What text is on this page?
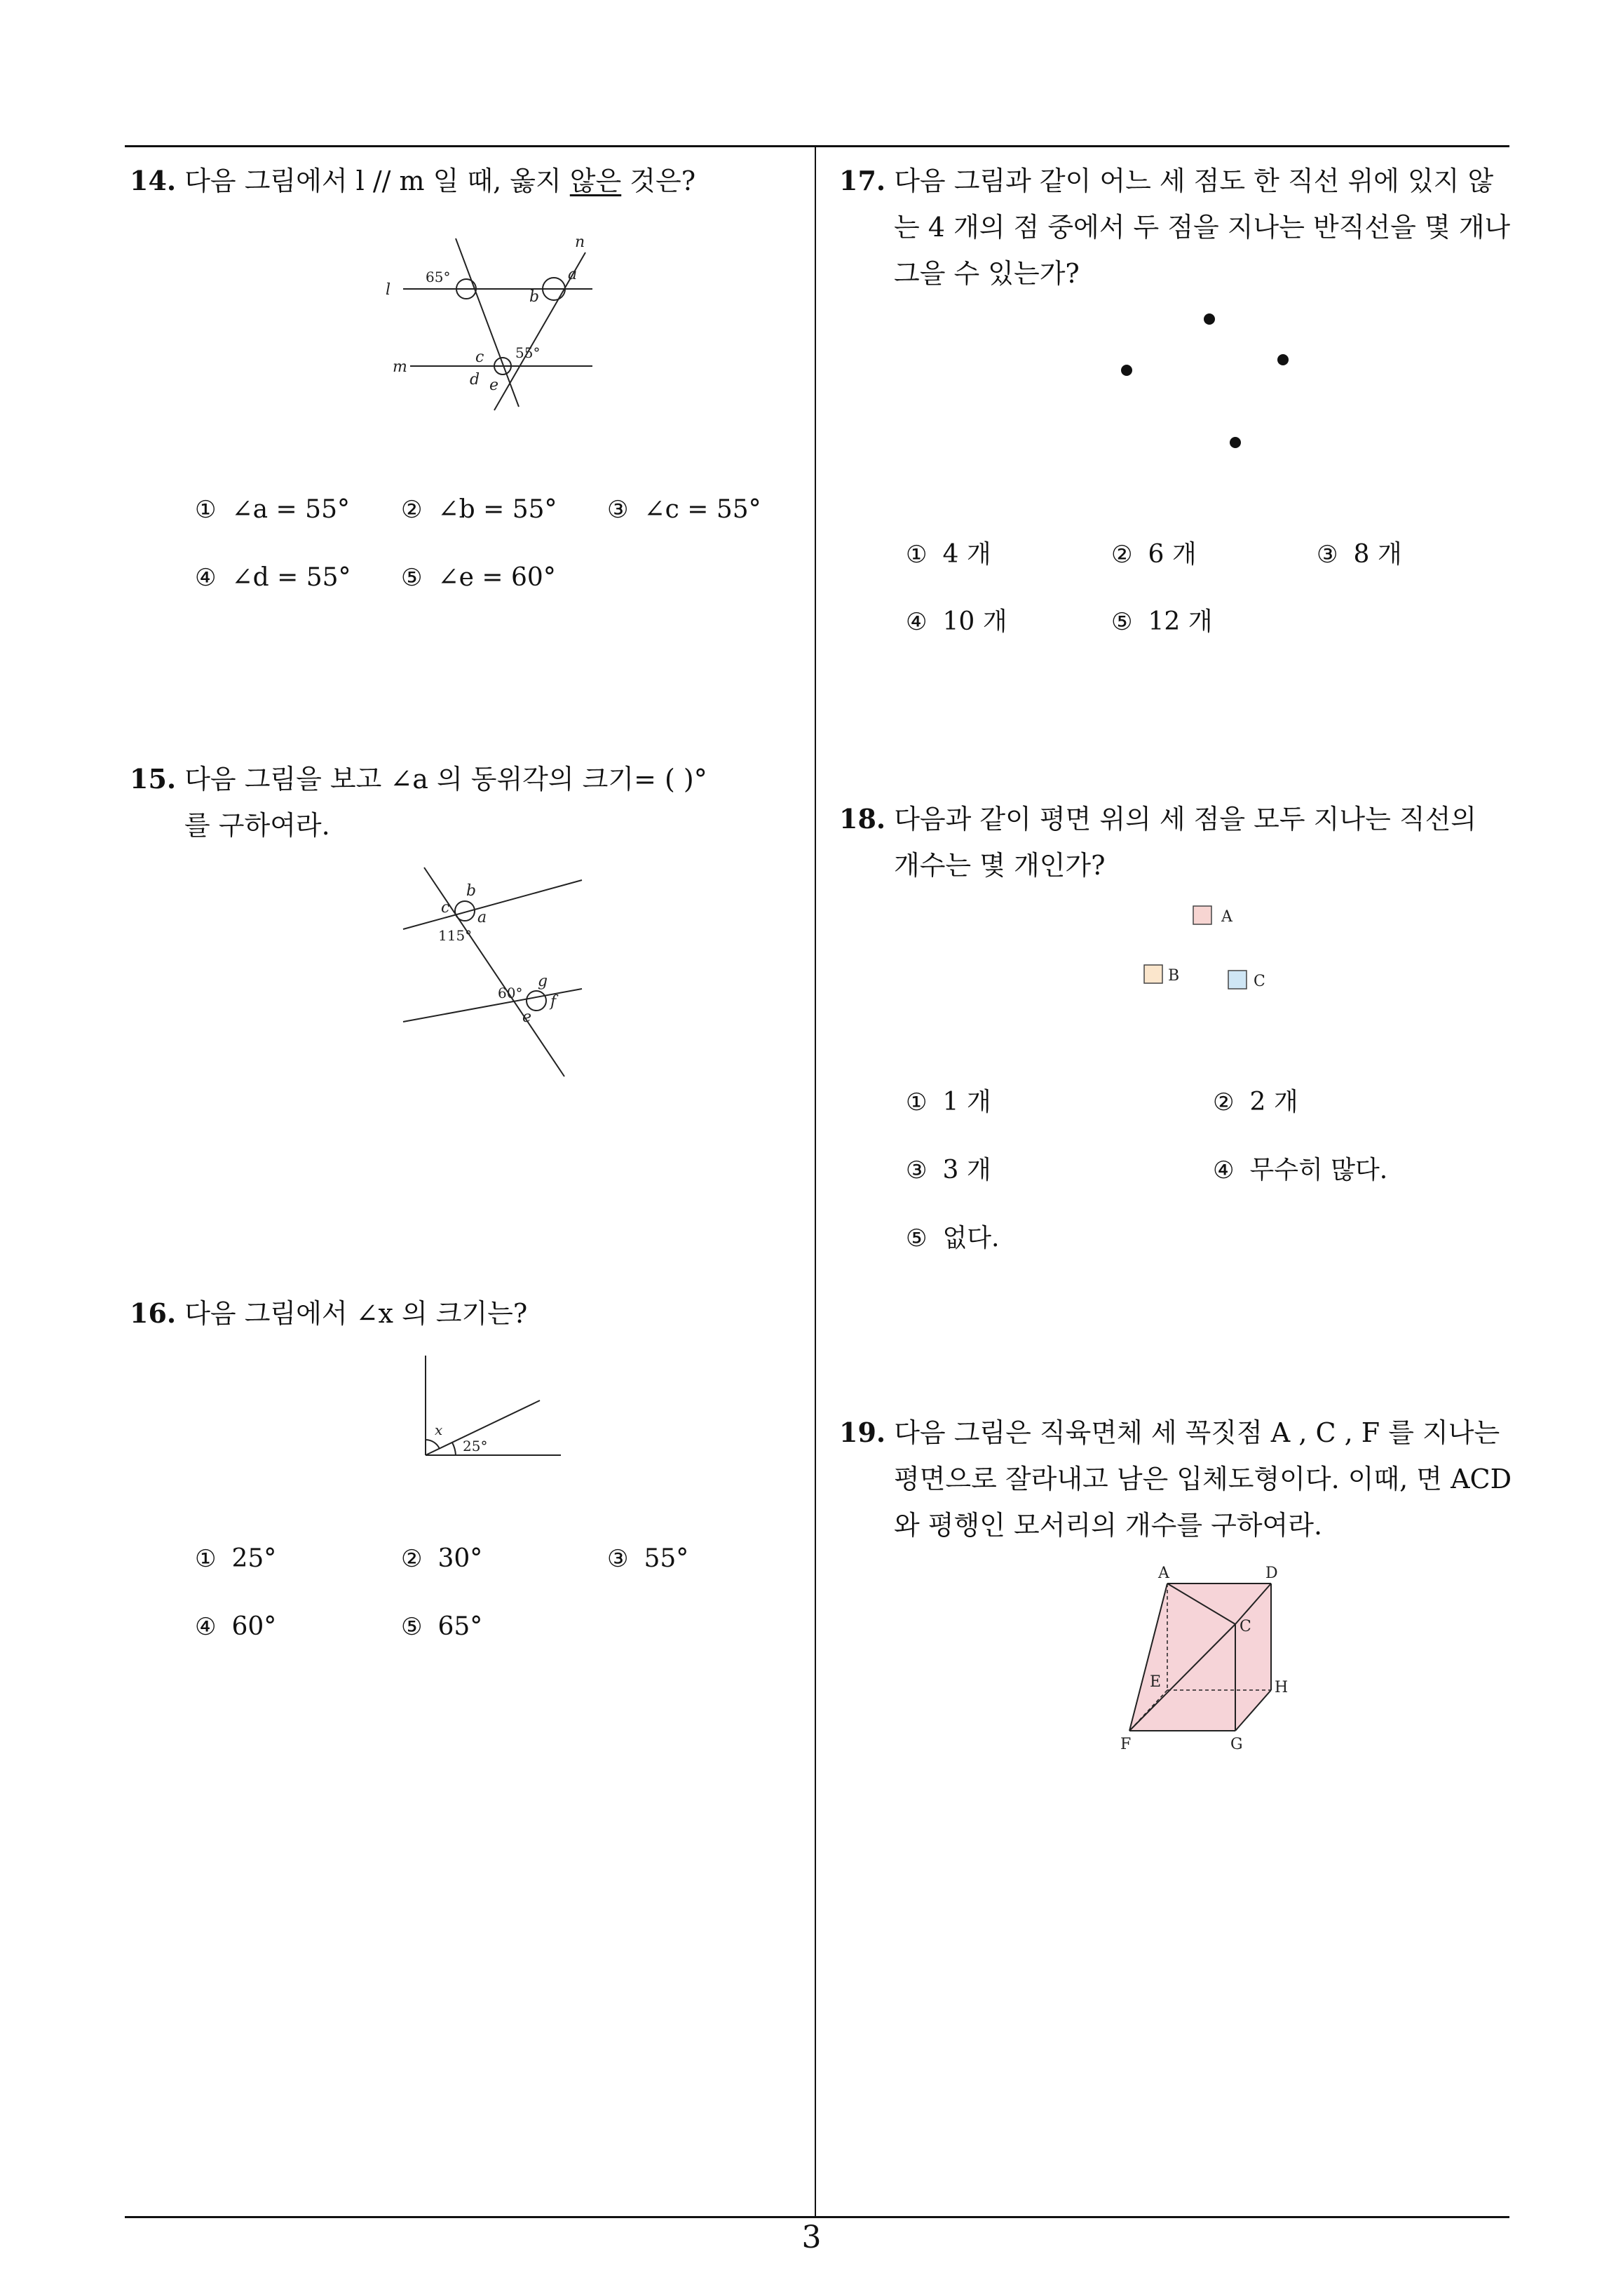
14. 다음 그림에서 l // m 일 때, 옳지 않은 것은?
l
m
n
a
b
c
d e
65°
55°
① ∠a = 55° ② ∠b = 55° ③ ∠c = 55°
④ ∠d = 55° ⑤ ∠e = 60°
15. 다음 그림을 보고 ∠a 의 동위각의 크기= ( )°
를 구하여라.
b
c
a
g
f
e
115°
60°
16. 다음 그림에서 ∠x 의 크기는?
x
25°
① 25°	② 30°	③ 55°
④ 60°	⑤ 65°
17. 다음 그림과 같이 어느 세 점도 한 직선 위에 있지 않
는 4 개의 점 중에서 두 점을 지나는 반직선을 몇 개나
그을 수 있는가?
① 4 개	② 6 개	③ 8 개
④ 10 개	⑤ 12 개
18. 다음과 같이 평면 위의 세 점을 모두 지나는 직선의
개수는 몇 개인가?
A
B	C
① 1 개	② 2 개
③ 3 개	④ 무수히 많다.
⑤ 없다.
19. 다음 그림은 직육면체 세 꼭짓점 A , C , F 를 지나는
평면으로 잘라내고 남은 입체도형이다. 이때, 면 ACD
와 평행인 모서리의 개수를 구하여라.
A	D
C
E	H
F	G
3
